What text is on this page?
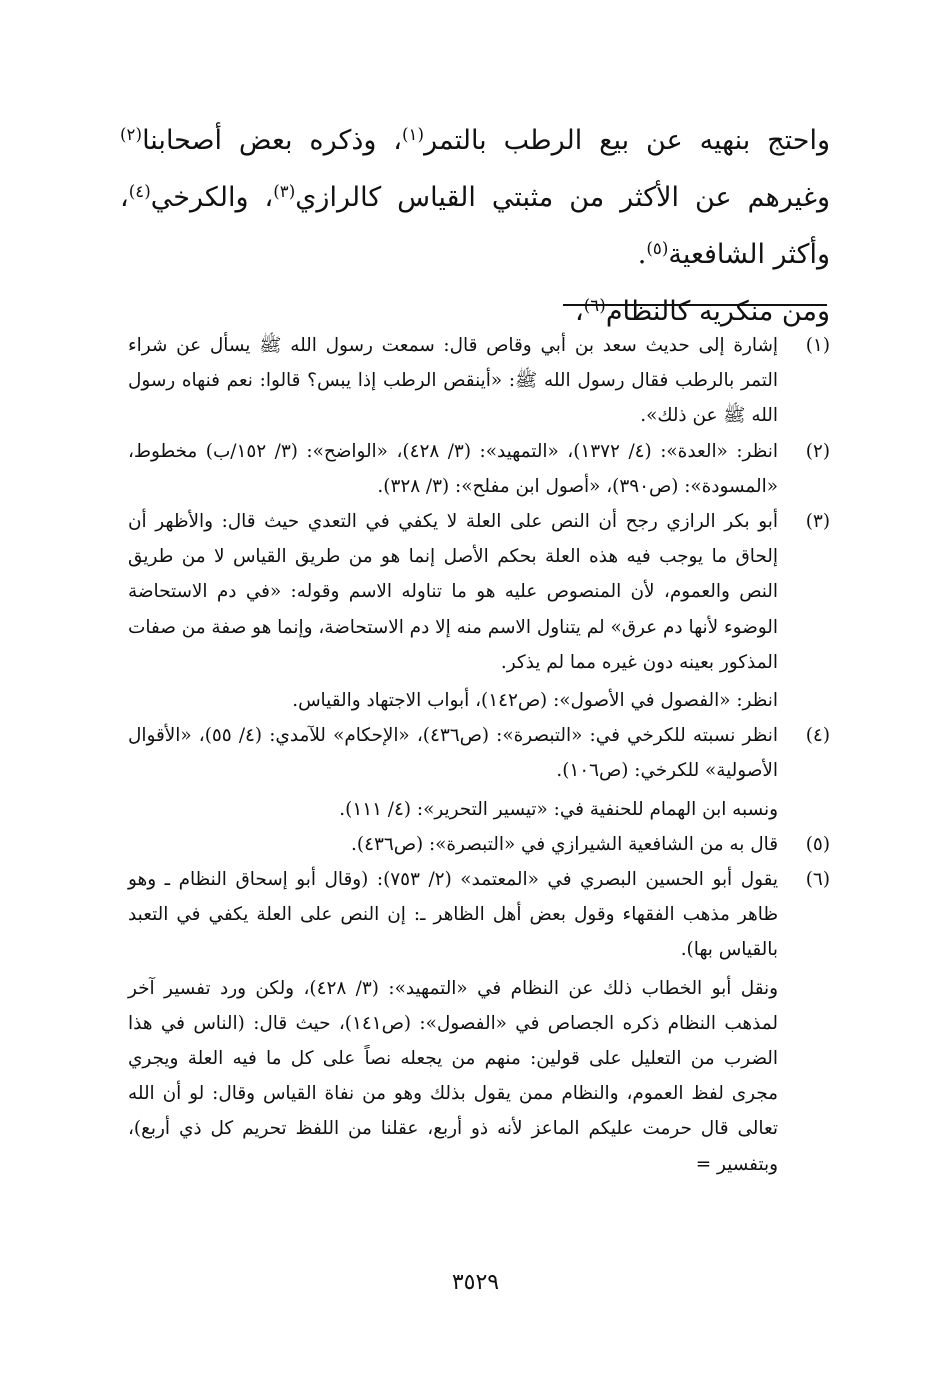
واحتج بنهيه عن بيع الرطب بالتمر$^{(١)}$، وذكره بعض أصحابنا$^{(٢)}$ وغيرهم عن الأكثر من مثبتي القياس كالرازي$^{(٣)}$، والكرخي$^{(٤)}$، وأكثر الشافعية$^{(٥)}$.

ومن منكريه كالنظام$^{(٦)}$،

(١)

إشارة إلى حديث سعد بن أبي وقاص قال: سمعت رسول الله ﷺ يسأل عن شراء التمر بالرطب فقال رسول الله ﷺ: «أينقص الرطب إذا يبس؟ قالوا: نعم فنهاه رسول الله ﷺ عن ذلك».

(٢)

انظر: «العدة»: (٤/ ١٣٧٢)، «التمهيد»: (٣/ ٤٢٨)، «الواضح»: (٣/ ١٥٢/ب) مخطوط، «المسودة»: (ص٣٩٠)، «أصول ابن مفلح»: (٣/ ٣٢٨).

(٣)

أبو بكر الرازي رجح أن النص على العلة لا يكفي في التعدي حيث قال: والأظهر أن إلحاق ما يوجب فيه هذه العلة بحكم الأصل إنما هو من طريق القياس لا من طريق النص والعموم، لأن المنصوص عليه هو ما تناوله الاسم وقوله: «في دم الاستحاضة الوضوء لأنها دم عرق» لم يتناول الاسم منه إلا دم الاستحاضة، وإنما هو صفة من صفات المذكور بعينه دون غيره مما لم يذكر.

انظر: «الفصول في الأصول»: (ص١٤٢)، أبواب الاجتهاد والقياس.

(٤)

انظر نسبته للكرخي في: «التبصرة»: (ص٤٣٦)، «الإحكام» للآمدي: (٤/ ٥٥)، «الأقوال الأصولية» للكرخي: (ص١٠٦).

ونسبه ابن الهمام للحنفية في: «تيسير التحرير»: (٤/ ١١١).

(٥)

قال به من الشافعية الشيرازي في «التبصرة»: (ص٤٣٦).

(٦)

يقول أبو الحسين البصري في «المعتمد» (٢/ ٧٥٣): (وقال أبو إسحاق النظام ـ وهو ظاهر مذهب الفقهاء وقول بعض أهل الظاهر ـ: إن النص على العلة يكفي في التعبد بالقياس بها).

ونقل أبو الخطاب ذلك عن النظام في «التمهيد»: (٣/ ٤٢٨)، ولكن ورد تفسير آخر لمذهب النظام ذكره الجصاص في «الفصول»: (ص١٤١)، حيث قال: (الناس في هذا الضرب من التعليل على قولين: منهم من يجعله نصاً على كل ما فيه العلة ويجري مجرى لفظ العموم، والنظام ممن يقول بذلك وهو من نفاة القياس وقال: لو أن الله تعالى قال حرمت عليكم الماعز لأنه ذو أربع، عقلنا من اللفظ تحريم كل ذي أربع)، وبتفسير =

٣٥٢٩
